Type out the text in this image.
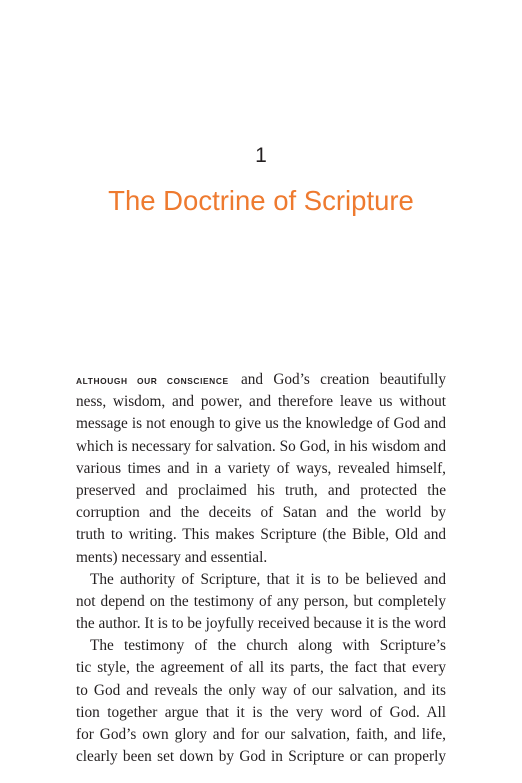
1
The Doctrine of Scripture
ALTHOUGH OUR CONSCIENCE and God’s creation beautifully
ness, wisdom, and power, and therefore leave us without
message is not enough to give us the knowledge of God and
which is necessary for salvation. So God, in his wisdom and
various times and in a variety of ways, revealed himself,
preserved and proclaimed his truth, and protected the
corruption and the deceits of Satan and the world by
truth to writing. This makes Scripture (the Bible, Old and
ments) necessary and essential.
The authority of Scripture, that it is to be believed and
not depend on the testimony of any person, but completely
the author. It is to be joyfully received because it is the word
The testimony of the church along with Scripture’s
tic style, the agreement of all its parts, the fact that every
to God and reveals the only way of our salvation, and its
tion together argue that it is the very word of God. All
for God’s own glory and for our salvation, faith, and life,
clearly been set down by God in Scripture or can properly
